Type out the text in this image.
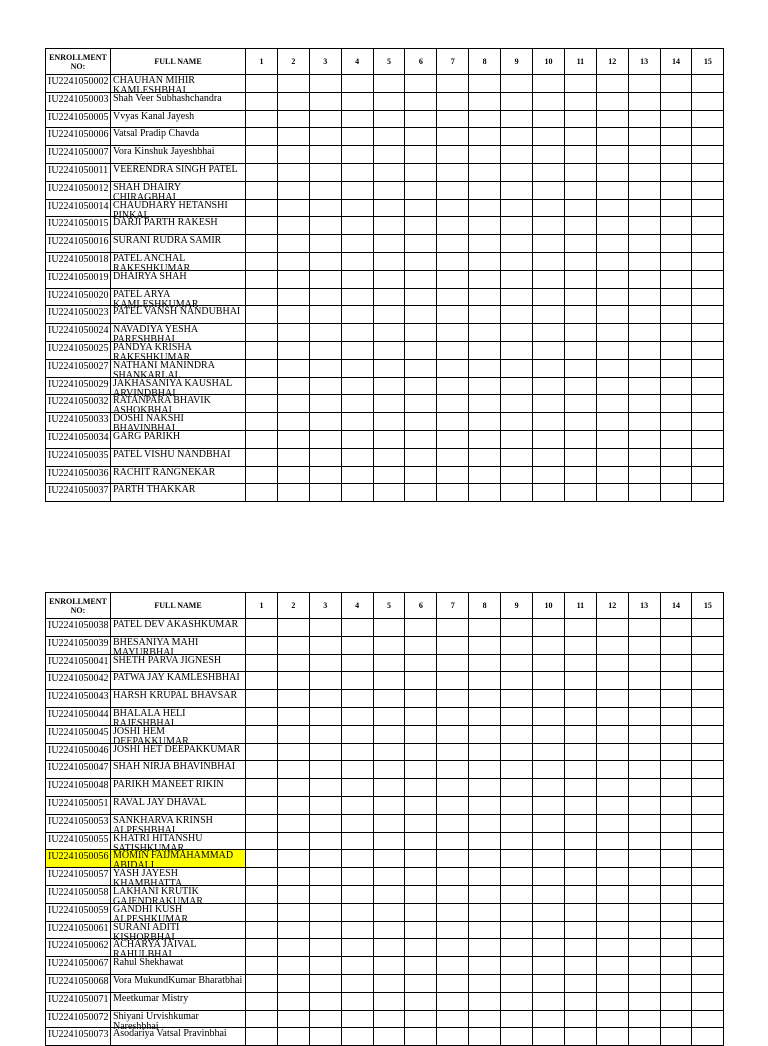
ENROLLMENT NO:	FULL NAME	1	2	3	4	5	6	7	8	9	10	11	12	13	14	15
IU2241050002	CHAUHAN MIHIR KAMLESHBHAI															

IU2241050003	Shah Veer Subhashchandra															

IU2241050005	Vvyas Kanal Jayesh															

IU2241050006	Vatsal Pradip Chavda															

IU2241050007	Vora Kinshuk Jayeshbhai															

IU2241050011	VEERENDRA SINGH PATEL															

IU2241050012	SHAH DHAIRY CHIRAGBHAI															

IU2241050014	CHAUDHARY HETANSHI PINKAL															

IU2241050015	DARJI PARTH RAKESH															

IU2241050016	SURANI RUDRA SAMIR															

IU2241050018	PATEL ANCHAL RAKESHKUMAR															

IU2241050019	DHAIRYA SHAH															

IU2241050020	PATEL ARYA KAMLESHKUMAR															

IU2241050023	PATEL VANSH NANDUBHAI															

IU2241050024	NAVADIYA YESHA PARESHBHAI															

IU2241050025	PANDYA KRISHA RAKESHKUMAR															

IU2241050027	NATHANI MANINDRA SHANKARLAL															

IU2241050029	JAKHASANIYA KAUSHAL ARVINDBHAI															

IU2241050032	RATANPARA BHAVIK ASHOKBHAI															

IU2241050033	DOSHI NAKSHI BHAVINBHAI															

IU2241050034	GARG PARIKH															

IU2241050035	PATEL VISHU NANDBHAI															

IU2241050036	RACHIT RANGNEKAR															

IU2241050037	PARTH THAKKAR															

ENROLLMENT NO:	FULL NAME	1	2	3	4	5	6	7	8	9	10	11	12	13	14	15
IU2241050038	PATEL DEV AKASHKUMAR															

IU2241050039	BHESANIYA MAHI MAYURBHAI															

IU2241050041	SHETH PARVA JIGNESH															

IU2241050042	PATWA JAY KAMLESHBHAI															

IU2241050043	HARSH KRUPAL BHAVSAR															

IU2241050044	BHALALA HELI RAJESHBHAI															

IU2241050045	JOSHI HEM DEEPAKKUMAR															

IU2241050046	JOSHI HET DEEPAKKUMAR															

IU2241050047	SHAH NIRJA BHAVINBHAI															

IU2241050048	PARIKH MANEET RIKIN															

IU2241050051	RAVAL JAY DHAVAL															

IU2241050053	SANKHARVA KRINSH ALPESHBHAI															

IU2241050055	KHATRI HITANSHU SATISHKUMAR															

IU2241050056	MOMIN FAIJMAHAMMAD ABIDALI															

IU2241050057	YASH JAYESH KHAMBHATTA															

IU2241050058	LAKHANI KRUTIK GAJENDRAKUMAR															

IU2241050059	GANDHI KUSH ALPESHKUMAR															

IU2241050061	SURANI ADITI KISHORBHAI															

IU2241050062	ACHARYA JAIVAL RAHULBHAI															

IU2241050067	Rahul Shekhawat															

IU2241050068	Vora MukundKumar Bharatbhai															

IU2241050071	Meetkumar Mistry															

IU2241050072	Shiyani Urvishkumar Nareshbhai															

IU2241050073	Asodariya Vatsal Pravinbhai															
